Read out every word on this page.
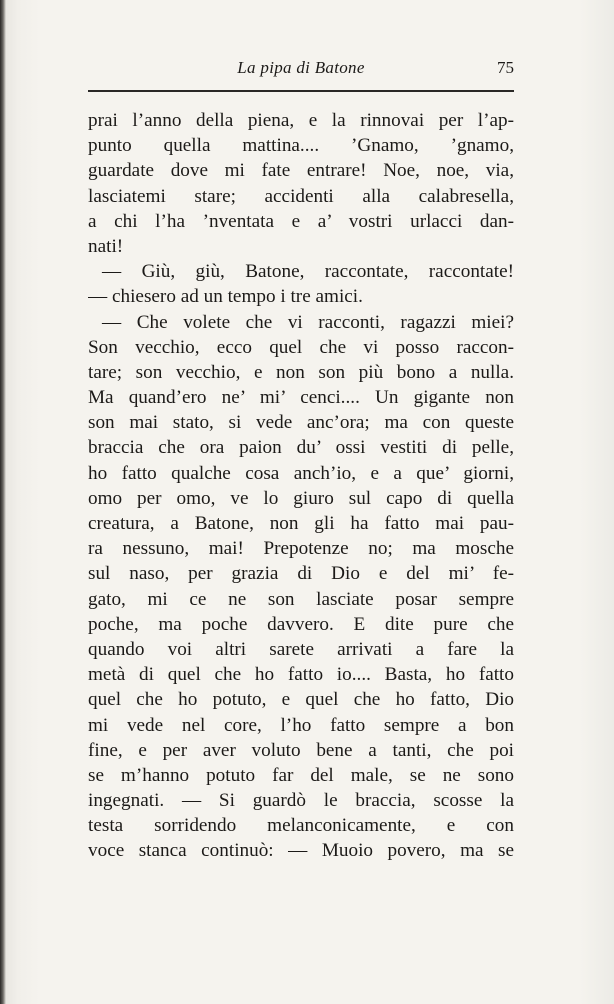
La pipa di Batone	75
prai l’anno della piena, e la rinnovai per l’ap-
punto quella mattina.... ’Gnamo, ’gnamo,
guardate dove mi fate entrare! Noe, noe, via,
lasciatemi stare; accidenti alla calabresella,
a chi l’ha ’nventata e a’ vostri urlacci dan-
nati!
— Giù, giù, Batone, raccontate, raccontate!
— chiesero ad un tempo i tre amici.
— Che volete che vi racconti, ragazzi miei?
Son vecchio, ecco quel che vi posso raccon-
tare; son vecchio, e non son più bono a nulla.
Ma quand’ero ne’ mi’ cenci.... Un gigante non
son mai stato, si vede anc’ora; ma con queste
braccia che ora paion du’ ossi vestiti di pelle,
ho fatto qualche cosa anch’io, e a que’ giorni,
omo per omo, ve lo giuro sul capo di quella
creatura, a Batone, non gli ha fatto mai pau-
ra nessuno, mai! Prepotenze no; ma mosche
sul naso, per grazia di Dio e del mi’ fe-
gato, mi ce ne son lasciate posar sempre
poche, ma poche davvero. E dite pure che
quando voi altri sarete arrivati a fare la
metà di quel che ho fatto io.... Basta, ho fatto
quel che ho potuto, e quel che ho fatto, Dio
mi vede nel core, l’ho fatto sempre a bon
fine, e per aver voluto bene a tanti, che poi
se m’hanno potuto far del male, se ne sono
ingegnati. — Si guardò le braccia, scosse la
testa sorridendo melanconicamente, e con
voce stanca continuò: — Muoio povero, ma se
